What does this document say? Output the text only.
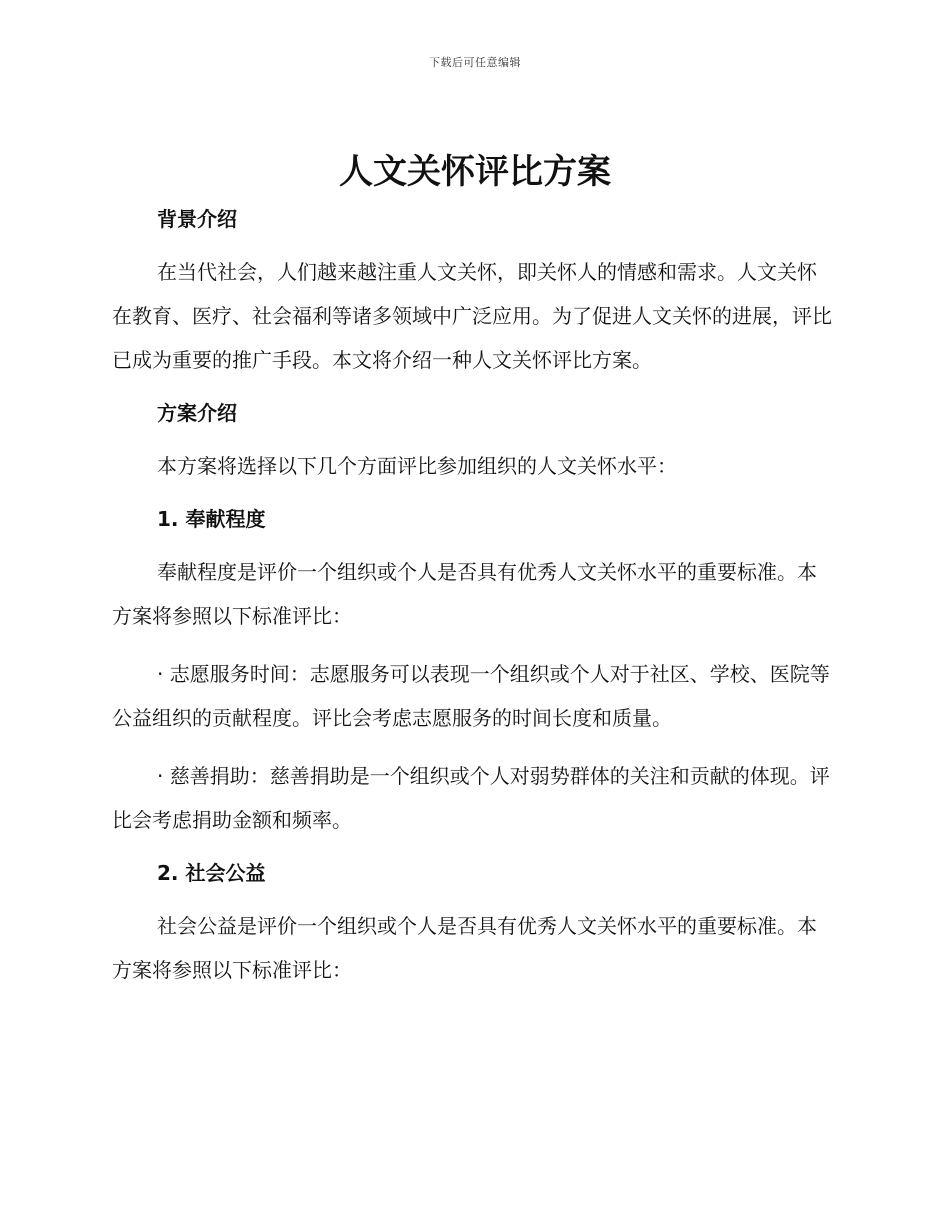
下载后可任意编辑
人文关怀评比方案

背景介绍

在当代社会，人们越来越注重人文关怀，即关怀人的情感和需求。人文关怀在教育、医疗、社会福利等诸多领域中广泛应用。为了促进人文关怀的进展，评比已成为重要的推广手段。本文将介绍一种人文关怀评比方案。

方案介绍

本方案将选择以下几个方面评比参加组织的人文关怀水平：

1. 奉献程度

奉献程度是评价一个组织或个人是否具有优秀人文关怀水平的重要标准。本方案将参照以下标准评比：

· 志愿服务时间：志愿服务可以表现一个组织或个人对于社区、学校、医院等公益组织的贡献程度。评比会考虑志愿服务的时间长度和质量。

· 慈善捐助：慈善捐助是一个组织或个人对弱势群体的关注和贡献的体现。评比会考虑捐助金额和频率。

2. 社会公益

社会公益是评价一个组织或个人是否具有优秀人文关怀水平的重要标准。本方案将参照以下标准评比：
